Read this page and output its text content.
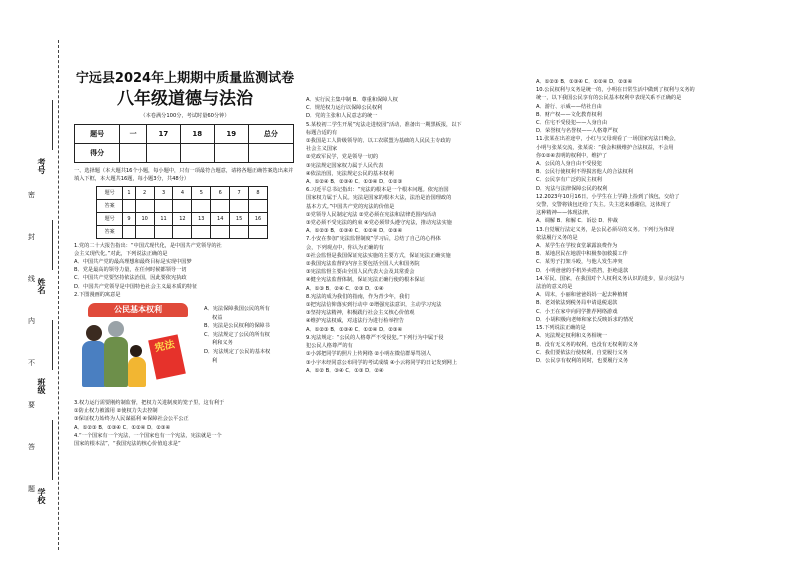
考号
姓名
班级
学校
密
封
线
内
不
要
答
题
宁远县2024年上期期中质量监测试卷
八年级道德与法治
（本卷满分100分，考试时量60分钟）
题号	一	17	18	19	总分
得分					

一、选择题（本大题共16个小题，每小题中，只有一项最符合题意，请将各题正确答案选出来并填入下框，本大题共16题，每小题3分，共48分）

题号	1	2	3	4	5	6	7	8
答案								
题号	9	10	11	12	13	14	15	16
答案								

1.党的二十大报告指出：“中国式现代化，是中国共产党领导的社

会主义现代化。”对此，下列说法正确的是

A．中国共产党的最高理想和最终目标是实现中国梦

B．党是最高的领导力量，在任何时候都领导一切

C．中国共产党要坚持依法治国，因此要依宪执政

D．中国共产党领导是中国特色社会主义最本质的特征

2.下图漫画的寓意是

公民基本权利
宪法

A．宪法保障我国公民的所有

权益

B．宪法是公民权利的保障书

C．宪法规定了公民的所有权

利和义务

D．宪法规定了公民的基本权

利

3.权力运行需要刚约制监督，把权力关进制度的笼子里，这有利于

①防止权力被滥用 ②使权力失去控制

③保证权力始终为人民谋福利 ④保障社会公平公正

A．①②③ B．①③④ C．①②④ D．②③④

4.“一个国家有一个宪法，一个国家也有一个宪法，宪法就是一个

国家的根本法”，“我国宪法的核心价值追求是”

A．实行民主集中制 B．尊重和保障人权

C．规范权力运行以保障公民权利

D．党的主张和人民意志的统一

5.某校初二学生开展“宪法走进校园”活动，准备出一期黑板报，以下

标题合适的有

①我国是工人阶级领导的、以工农联盟为基础的人民民主专政的

社会主义国家

②党政军民学，党是领导一切的

③宪法规定国家权力属于人民代表

④依法治国，宪法规定公民的基本权利

A．①②④ B．②③④ C．①③④ D．①②③

6.习近平总书记指出：“宪法的根本是一个根本问题。依宪治国

国家权力属于人民。宪法是国家的根本大法，法治是治国理政的

基本方式。”中国共产党的宪法的价值是

①党领导人民制定宪法 ②党必须在宪法和法律范围内活动

③党必须不受宪法的约束 ④党必须带头遵守宪法，推动宪法实施

A．①②③ B．①③④ C．①②④ D．②③④

7.小安在参加“宪法监督制度”学习后，总结了自己的心得体

会，下列观点中，你认为正确的有

①社会监督是我国保证宪法实施的主要方式，保证宪法正确实施

②我国宪法监督的内容主要包括全国人大和国务院

③宪法监督主要由全国人民代表大会及其常委会

④健全宪法监督体制，保证宪法正确行使的根本保证

A．①③ B．②④ C．②③ D．①④

8.宪法的成为我们的指南，作为青少年，我们

①把宪法信仰落实到行动中 ②增强宪法意识，主动学习宪法

③坚持宪法精神，积极践行社会主义核心价值观

④维护宪法权威，对违法行为进行检举控告

A．①②③ B．①③④ C．①②④ D．②③④

9.宪法规定：“公民的人格尊严不受侵犯。”下列行为中属于侵

犯公民人格尊严的有

①小郭把同学的照片上传网络 ②小明在微信群辱骂别人

③小宇未经同意公布同学的考试成绩 ④小云将同学的日记发到网上

A．①② B．③④ C．①③ D．②④

A．①②③ B．①③④ C．①②④ D．②③④

10.公民权利与义务是统一的，小明在日常生活中做到了权利与义务的

统一，以下我国公民享有的公民基本权利中表现关系不正确的是

A．游行、示威——结社自由

B．财产权——文化教育权利

C．住宅不受侵犯——人身自由

D．荣誉权与名誉权——人格尊严权

11.张某在出差途中，小红与父母观看了一场国家宪法日晚会，

小明与张某交流，张某说：“我会积极维护合法权益，不会用

你①②④表明的权利中，维护了

A．公民的人身自由不受侵犯

B．公民行使权利不得损害他人的合法权利

C．公民享有广泛的民主权利

D．宪法与法律保障公民的权利

12.2023年10月16日，小学生在上学路上捡到了钱包，交给了

交警，交警将钱包还给了失主。失主送来感谢信，这体现了

这种精神——体现法律，

A．调解 B．和解 C．诉讼 D．仲裁

13.自觉履行法定义务，是公民必须尽的义务。下列行为体现

依法履行义务的是

A．某学生在学校食堂暴露浪费作为

B．某地居民在地震中积极参加救援工作

C．某男子打架斗殴，与他人发生冲突

D．小明爸爸的手机外卖搭挡，拒绝退款

14.军民、国家，在我国对个人权利义务认识的进步，显示宪法与

法治的意义的是

A．周末，小丽和爸爸妈妈一起去种植树

B．老刘依法到税务局申请退税退款

C．小王在家中向同学推荐网络游戏

D．小胡积极向老师和家长反映诉求的情况

15.下列说法正确的是

A．宪法规定权利和义务相统一

B．没有无义务的权利，也没有无权利的义务

C．我们要依法行使权利，自觉履行义务

D．公民享有权利的同时，也要履行义务
